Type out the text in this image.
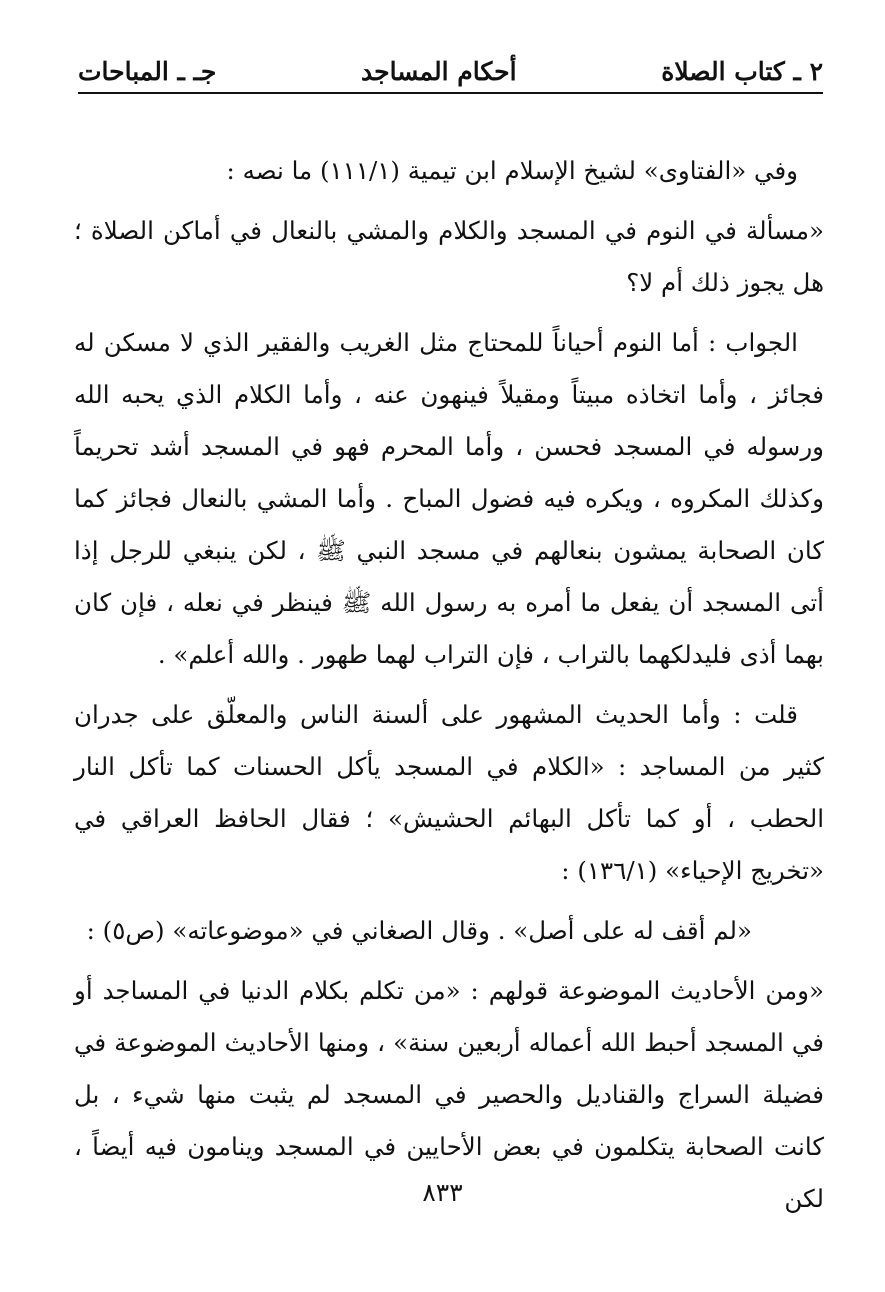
٢ ـ كتاب الصلاة
أحكام المساجد
جـ ـ المباحات

وفي «الفتاوى» لشيخ الإسلام ابن تيمية (١١١/١) ما نصه :

«مسألة في النوم في المسجد والكلام والمشي بالنعال في أماكن الصلاة ؛ هل يجوز ذلك أم لا؟

الجواب : أما النوم أحياناً للمحتاج مثل الغريب والفقير الذي لا مسكن له فجائز ، وأما اتخاذه مبيتاً ومقيلاً فينهون عنه ، وأما الكلام الذي يحبه الله ورسوله في المسجد فحسن ، وأما المحرم فهو في المسجد أشد تحريماً وكذلك المكروه ، ويكره فيه فضول المباح . وأما المشي بالنعال فجائز كما كان الصحابة يمشون بنعالهم في مسجد النبي ﷺ ، لكن ينبغي للرجل إذا أتى المسجد أن يفعل ما أمره به رسول الله ﷺ فينظر في نعله ، فإن كان بهما أذى فليدلكهما بالتراب ، فإن التراب لهما طهور . والله أعلم» .

قلت : وأما الحديث المشهور على ألسنة الناس والمعلّق على جدران كثير من المساجد : «الكلام في المسجد يأكل الحسنات كما تأكل النار الحطب ، أو كما تأكل البهائم الحشيش» ؛ فقال الحافظ العراقي في «تخريج الإحياء» (١٣٦/١) :

«لم أقف له على أصل» . وقال الصغاني في «موضوعاته» (ص٥) :

«ومن الأحاديث الموضوعة قولهم : «من تكلم بكلام الدنيا في المساجد أو في المسجد أحبط الله أعماله أربعين سنة» ، ومنها الأحاديث الموضوعة في فضيلة السراج والقناديل والحصير في المسجد لم يثبت منها شيء ، بل كانت الصحابة يتكلمون في بعض الأحايين في المسجد وينامون فيه أيضاً ، لكن

٨٣٣
